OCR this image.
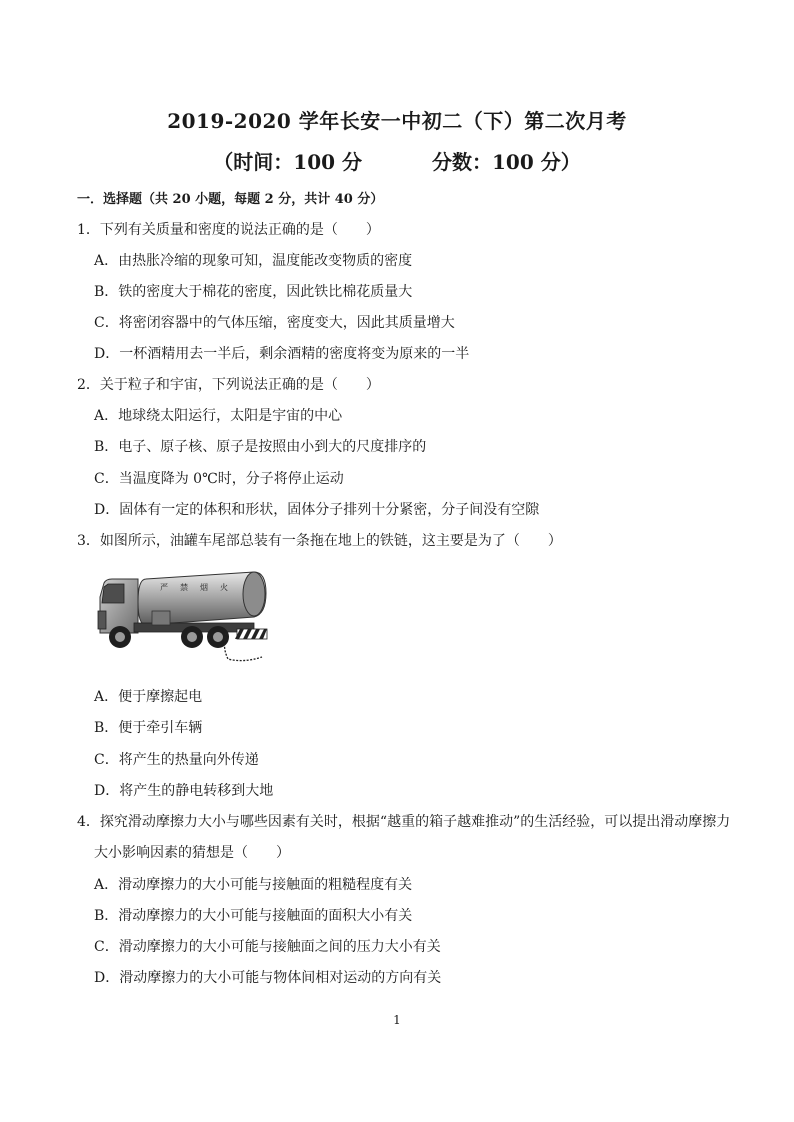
2019-2020 学年长安一中初二（下）第二次月考
（时间：100 分	分数：100 分）
一．选择题（共 20 小题，每题 2 分，共计 40 分）
1．下列有关质量和密度的说法正确的是（　　）
A．由热胀冷缩的现象可知，温度能改变物质的密度
B．铁的密度大于棉花的密度，因此铁比棉花质量大
C．将密闭容器中的气体压缩，密度变大，因此其质量增大
D．一杯酒精用去一半后，剩余酒精的密度将变为原来的一半
2．关于粒子和宇宙，下列说法正确的是（　　）
A．地球绕太阳运行，太阳是宇宙的中心
B．电子、原子核、原子是按照由小到大的尺度排序的
C．当温度降为 0℃时，分子将停止运动
D．固体有一定的体积和形状，固体分子排列十分紧密，分子间没有空隙
3．如图所示，油罐车尾部总装有一条拖在地上的铁链，这主要是为了（　　）
严禁烟火
A．便于摩擦起电
B．便于牵引车辆
C．将产生的热量向外传递
D．将产生的静电转移到大地
4．探究滑动摩擦力大小与哪些因素有关时，根据“越重的箱子越难推动”的生活经验，可以提出滑动摩擦力
大小影响因素的猜想是（　　）
A．滑动摩擦力的大小可能与接触面的粗糙程度有关
B．滑动摩擦力的大小可能与接触面的面积大小有关
C．滑动摩擦力的大小可能与接触面之间的压力大小有关
D．滑动摩擦力的大小可能与物体间相对运动的方向有关
1
